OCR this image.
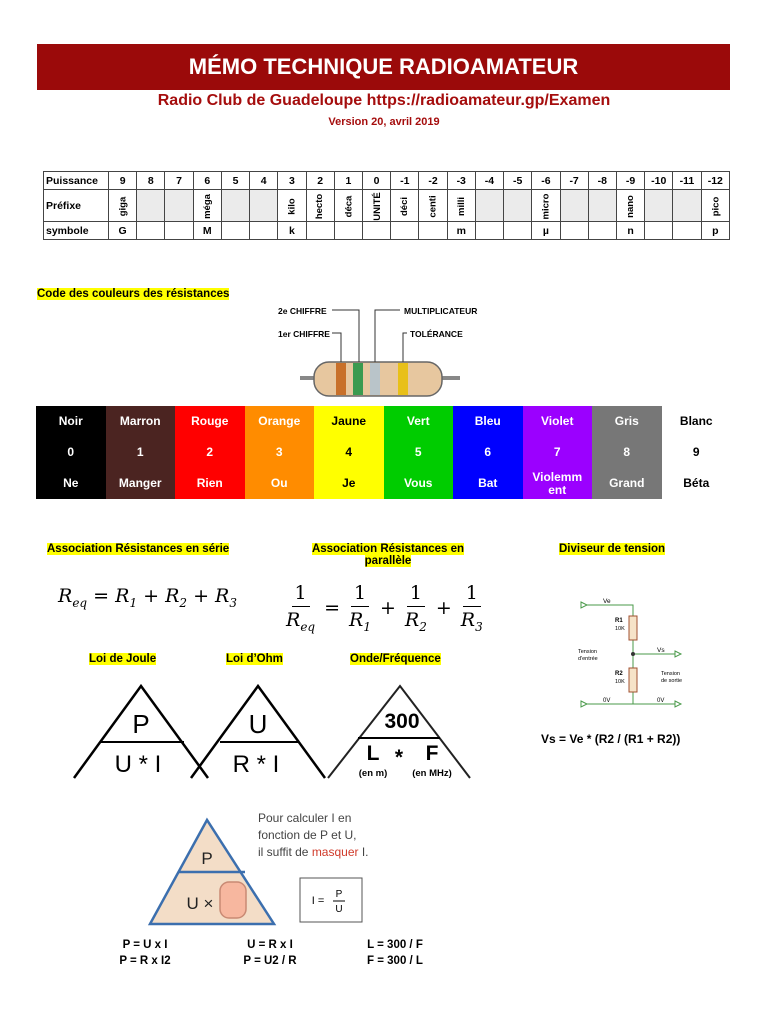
MÉMO TECHNIQUE RADIOAMATEUR
Radio Club de Guadeloupe https://radioamateur.gp/Examen
Version 20, avril 2019
Puissance	9	8	7	6	5	4	3	2	1	0	-1	-2	-3	-4	-5	-6	-7	-8	-9	-10	-11	-12
Préfixe	giga			méga			kilo	hecto	déca	UNITÉ	déci	centi	milli			micro			nano			pico
symbole	G			M			k						m			µ			n			p
Code des couleurs des résistances
2e CHIFFRE
1er CHIFFRE
MULTIPLICATEUR
TOLÉRANCE
Noir	Marron	Rouge	Orange	Jaune	Vert	Bleu	Violet	Gris	Blanc
0	1	2	3	4	5	6	7	8	9
Ne	Manger	Rien	Ou	Je	Vous	Bat	Violemm ent	Grand	Béta
Association Résistances en série	Association Résistances en parallèle
Diviseur de tension
$R_{eq} = R_1 + R_2 + R_3 \frac{1}{R_{eq}} = \frac{1}{R_1} + \frac{1}{R_2} + \frac{1}{R_3}$	Ve
R1
10K
Vs
R2
10K
Tension
d'entrée
Tension
de sortie
0V	0V
Vs = Ve * (R2 / (R1 + R2))
Loi de Joule	Loi d’Ohm	Onde/Fréquence
P
U * I
U
R * I
300
L * F
(en m)	(en MHz)
P
U ×
Pour calculer I en
fonction de P et U,
il suffit de masquer I.
I =
P
U
P = U x I
P = R x I2
U = R x I
P = U2 / R
L = 300 / F
F = 300 / L
